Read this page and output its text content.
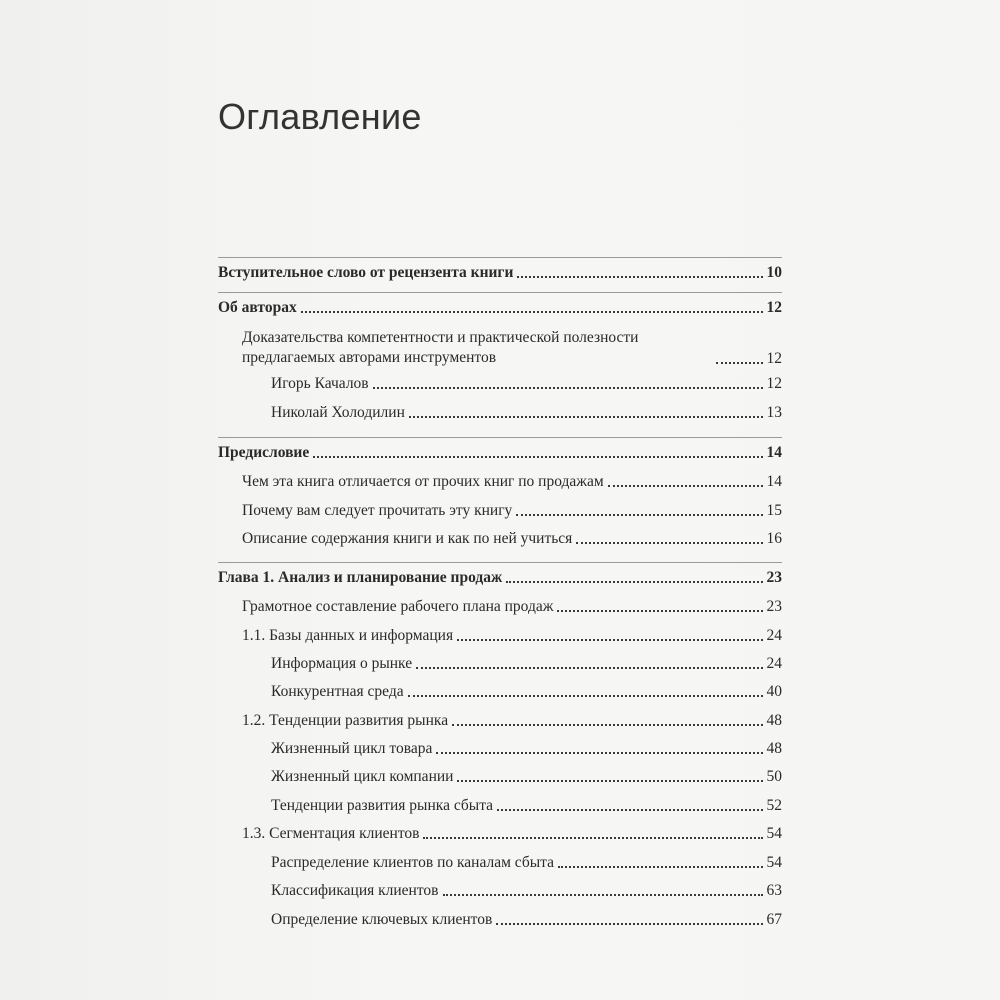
Оглавление
Вступительное слово от рецензента книги	10
Об авторах	12
Доказательства компетентности и практической полезности предлагаемых авторами инструментов	12
Игорь Качалов	12
Николай Холодилин	13
Предисловие	14
Чем эта книга отличается от прочих книг по продажам	14
Почему вам следует прочитать эту книгу	15
Описание содержания книги и как по ней учиться	16
Глава 1. Анализ и планирование продаж	23
Грамотное составление рабочего плана продаж	23
1.1. Базы данных и информация	24
Информация о рынке	24
Конкурентная среда	40
1.2. Тенденции развития рынка	48
Жизненный цикл товара	48
Жизненный цикл компании	50
Тенденции развития рынка сбыта	52
1.3. Сегментация клиентов	54
Распределение клиентов по каналам сбыта	54
Классификация клиентов	63
Определение ключевых клиентов	67
